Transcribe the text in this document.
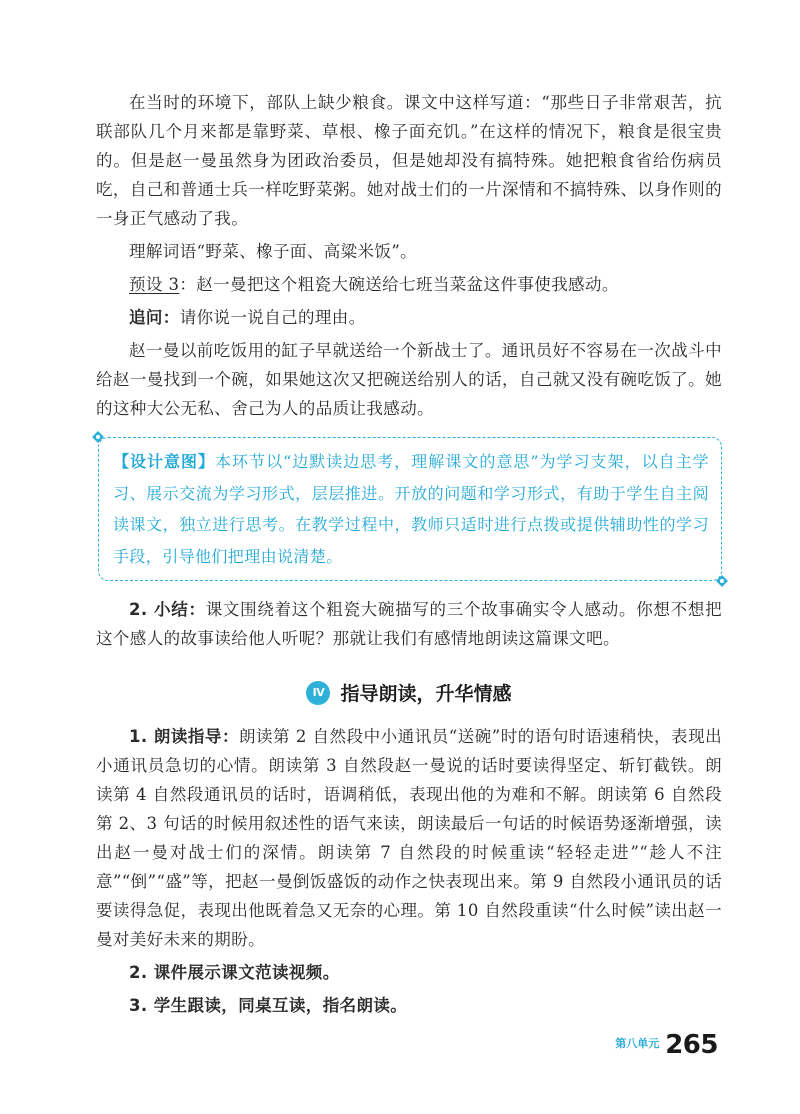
在当时的环境下，部队上缺少粮食。课文中这样写道：“那些日子非常艰苦，抗联部队几个月来都是靠野菜、草根、橡子面充饥。”在这样的情况下，粮食是很宝贵的。但是赵一曼虽然身为团政治委员，但是她却没有搞特殊。她把粮食省给伤病员吃，自己和普通士兵一样吃野菜粥。她对战士们的一片深情和不搞特殊、以身作则的一身正气感动了我。

理解词语“野菜、橡子面、高粱米饭”。

预设 3：赵一曼把这个粗瓷大碗送给七班当菜盆这件事使我感动。

追问：请你说一说自己的理由。

赵一曼以前吃饭用的缸子早就送给一个新战士了。通讯员好不容易在一次战斗中给赵一曼找到一个碗，如果她这次又把碗送给别人的话，自己就又没有碗吃饭了。她的这种大公无私、舍己为人的品质让我感动。

【设计意图】本环节以“边默读边思考，理解课文的意思”为学习支架，以自主学习、展示交流为学习形式，层层推进。开放的问题和学习形式，有助于学生自主阅读课文，独立进行思考。在教学过程中，教师只适时进行点拨或提供辅助性的学习手段，引导他们把理由说清楚。

2. 小结：课文围绕着这个粗瓷大碗描写的三个故事确实令人感动。你想不想把这个感人的故事读给他人听呢？那就让我们有感情地朗读这篇课文吧。

IV 指导朗读，升华情感

1. 朗读指导：朗读第 2 自然段中小通讯员“送碗”时的语句时语速稍快，表现出小通讯员急切的心情。朗读第 3 自然段赵一曼说的话时要读得坚定、斩钉截铁。朗读第 4 自然段通讯员的话时，语调稍低，表现出他的为难和不解。朗读第 6 自然段第 2、3 句话的时候用叙述性的语气来读，朗读最后一句话的时候语势逐渐增强，读出赵一曼对战士们的深情。朗读第 7 自然段的时候重读“轻轻走进”“趁人不注意”“倒”“盛”等，把赵一曼倒饭盛饭的动作之快表现出来。第 9 自然段小通讯员的话要读得急促，表现出他既着急又无奈的心理。第 10 自然段重读“什么时候”读出赵一曼对美好未来的期盼。

2. 课件展示课文范读视频。

3. 学生跟读，同桌互读，指名朗读。

第八单元 265
